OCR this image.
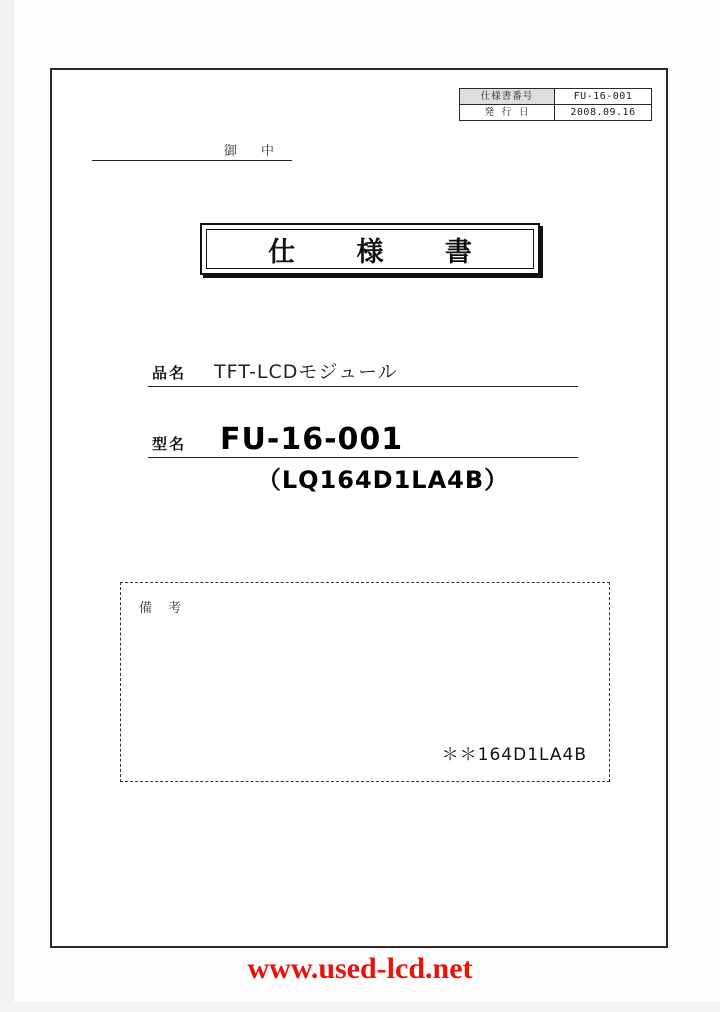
仕様書番号	FU-16-001
発 行 日	2008.09.16
御 中
仕 様 書
品名	TFT-LCDモジュール
型名	FU-16-001
（LQ164D1LA4B）
備 考
＊＊164D1LA4B
www.used-lcd.net
